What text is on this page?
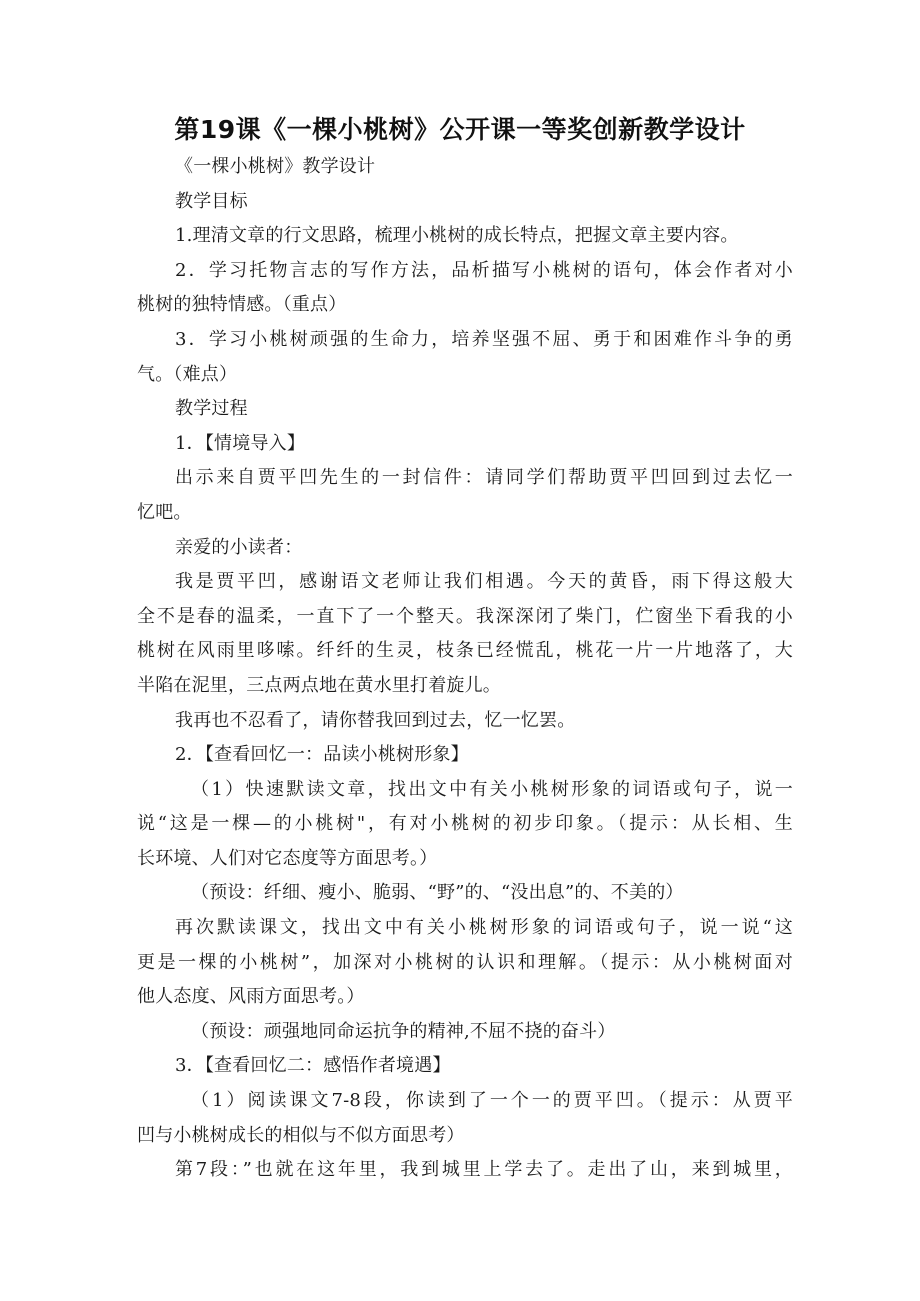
第19课《一棵小桃树》公开课一等奖创新教学设计
《一棵小桃树》教学设计
教学目标
1.理清文章的行文思路，梳理小桃树的成长特点，把握文章主要内容。
2．学习托物言志的写作方法，品析描写小桃树的语句，体会作者对小
桃树的独特情感。（重点）
3．学习小桃树顽强的生命力，培养坚强不屈、勇于和困难作斗争的勇
气。（难点）
教学过程
1．【情境导入】
出示来自贾平凹先生的一封信件：请同学们帮助贾平凹回到过去忆一
忆吧。
亲爱的小读者：
我是贾平凹，感谢语文老师让我们相遇。今天的黄昏，雨下得这般大
全不是春的温柔，一直下了一个整天。我深深闭了柴门，伫窗坐下看我的小
桃树在风雨里哆嗦。纤纤的生灵，枝条已经慌乱，桃花一片一片地落了，大
半陷在泥里，三点两点地在黄水里打着旋儿。
我再也不忍看了，请你替我回到过去，忆一忆罢。
2．【查看回忆一：品读小桃树形象】
（1）快速默读文章，找出文中有关小桃树形象的词语或句子，说一
说“这是一棵—的小桃树"，有对小桃树的初步印象。（提示：从长相、生
长环境、人们对它态度等方面思考。）
（预设：纤细、瘦小、脆弱、“野”的、“没出息”的、不美的）
再次默读课文，找出文中有关小桃树形象的词语或句子，说一说“这
更是一棵的小桃树”，加深对小桃树的认识和理解。（提示：从小桃树面对
他人态度、风雨方面思考。）
（预设：顽强地同命运抗争的精神,不屈不挠的奋斗）
3．【查看回忆二：感悟作者境遇】
（1）阅读课文7-8段，你读到了一个一的贾平凹。（提示：从贾平
凹与小桃树成长的相似与不似方面思考）
第7段：”也就在这年里，我到城里上学去了。走出了山，来到城里，
